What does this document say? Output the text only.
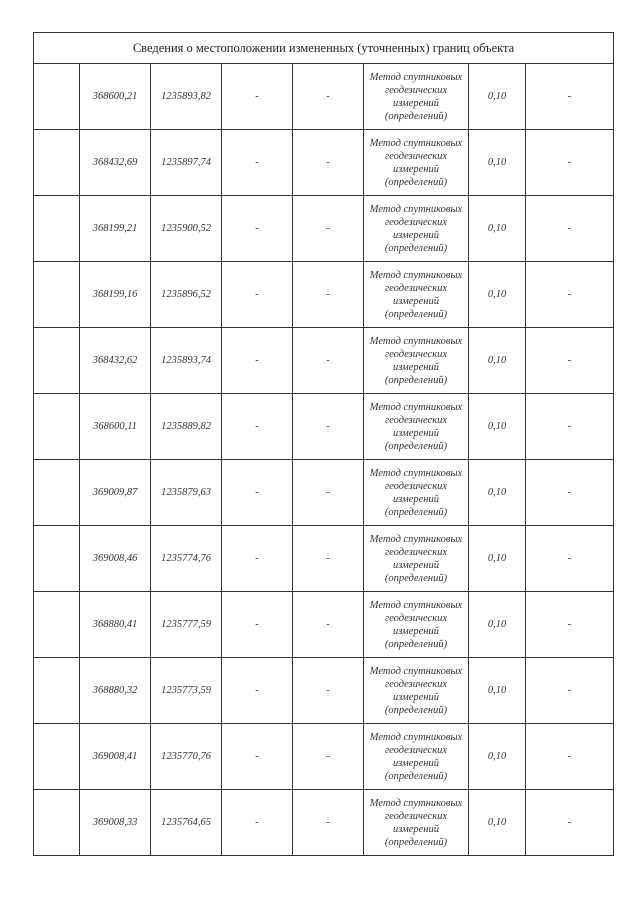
Сведения о местоположении измененных (уточненных) границ объекта							
	368600,21	1235893,82	-	-	Метод спутниковых
геодезических
измерений
(определений)	0,10	-
	368432,69	1235897,74	-	-	Метод спутниковых
геодезических
измерений
(определений)	0,10	-
	368199,21	1235900,52	-	-	Метод спутниковых
геодезических
измерений
(определений)	0,10	-
	368199,16	1235896,52	-	-	Метод спутниковых
геодезических
измерений
(определений)	0,10	-
	368432,62	1235893,74	-	-	Метод спутниковых
геодезических
измерений
(определений)	0,10	-
	368600,11	1235889,82	-	-	Метод спутниковых
геодезических
измерений
(определений)	0,10	-
	369009,87	1235879,63	-	-	Метод спутниковых
геодезических
измерений
(определений)	0,10	-
	369008,46	1235774,76	-	-	Метод спутниковых
геодезических
измерений
(определений)	0,10	-
	368880,41	1235777,59	-	-	Метод спутниковых
геодезических
измерений
(определений)	0,10	-
	368880,32	1235773,59	-	-	Метод спутниковых
геодезических
измерений
(определений)	0,10	-
	369008,41	1235770,76	-	-	Метод спутниковых
геодезических
измерений
(определений)	0,10	-
	369008,33	1235764,65	-	-	Метод спутниковых
геодезических
измерений
(определений)	0,10	-
